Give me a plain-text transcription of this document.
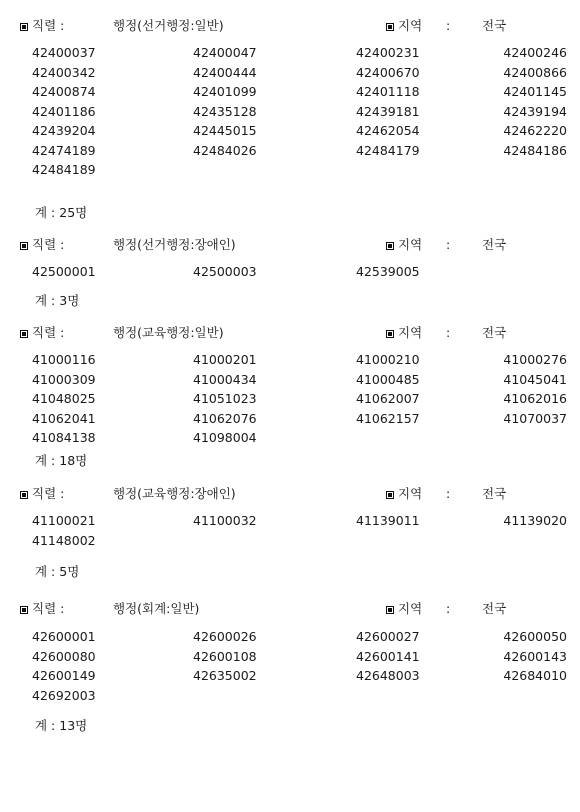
직렬 :	행정(선거행정:일반)	지역 :	전국
42400037	42400047	42400231	42400246
42400342	42400444	42400670	42400866
42400874	42401099	42401118	42401145
42401186	42435128	42439181	42439194
42439204	42445015	42462054	42462220
42474189	42484026	42484179	42484186
42484189
계 : 25명
직렬 :	행정(선거행정:장애인)	지역 :	전국
42500001	42500003	42539005
계 : 3명
직렬 :	행정(교육행정:일반)	지역 :	전국
41000116	41000201	41000210	41000276
41000309	41000434	41000485	41045041
41048025	41051023	41062007	41062016
41062041	41062076	41062157	41070037
41084138	41098004
계 : 18명
직렬 :	행정(교육행정:장애인)	지역 :	전국
41100021	41100032	41139011	41139020
41148002
계 : 5명
직렬 :	행정(회계:일반)	지역 :	전국
42600001	42600026	42600027	42600050
42600080	42600108	42600141	42600143
42600149	42635002	42648003	42684010
42692003
계 : 13명
